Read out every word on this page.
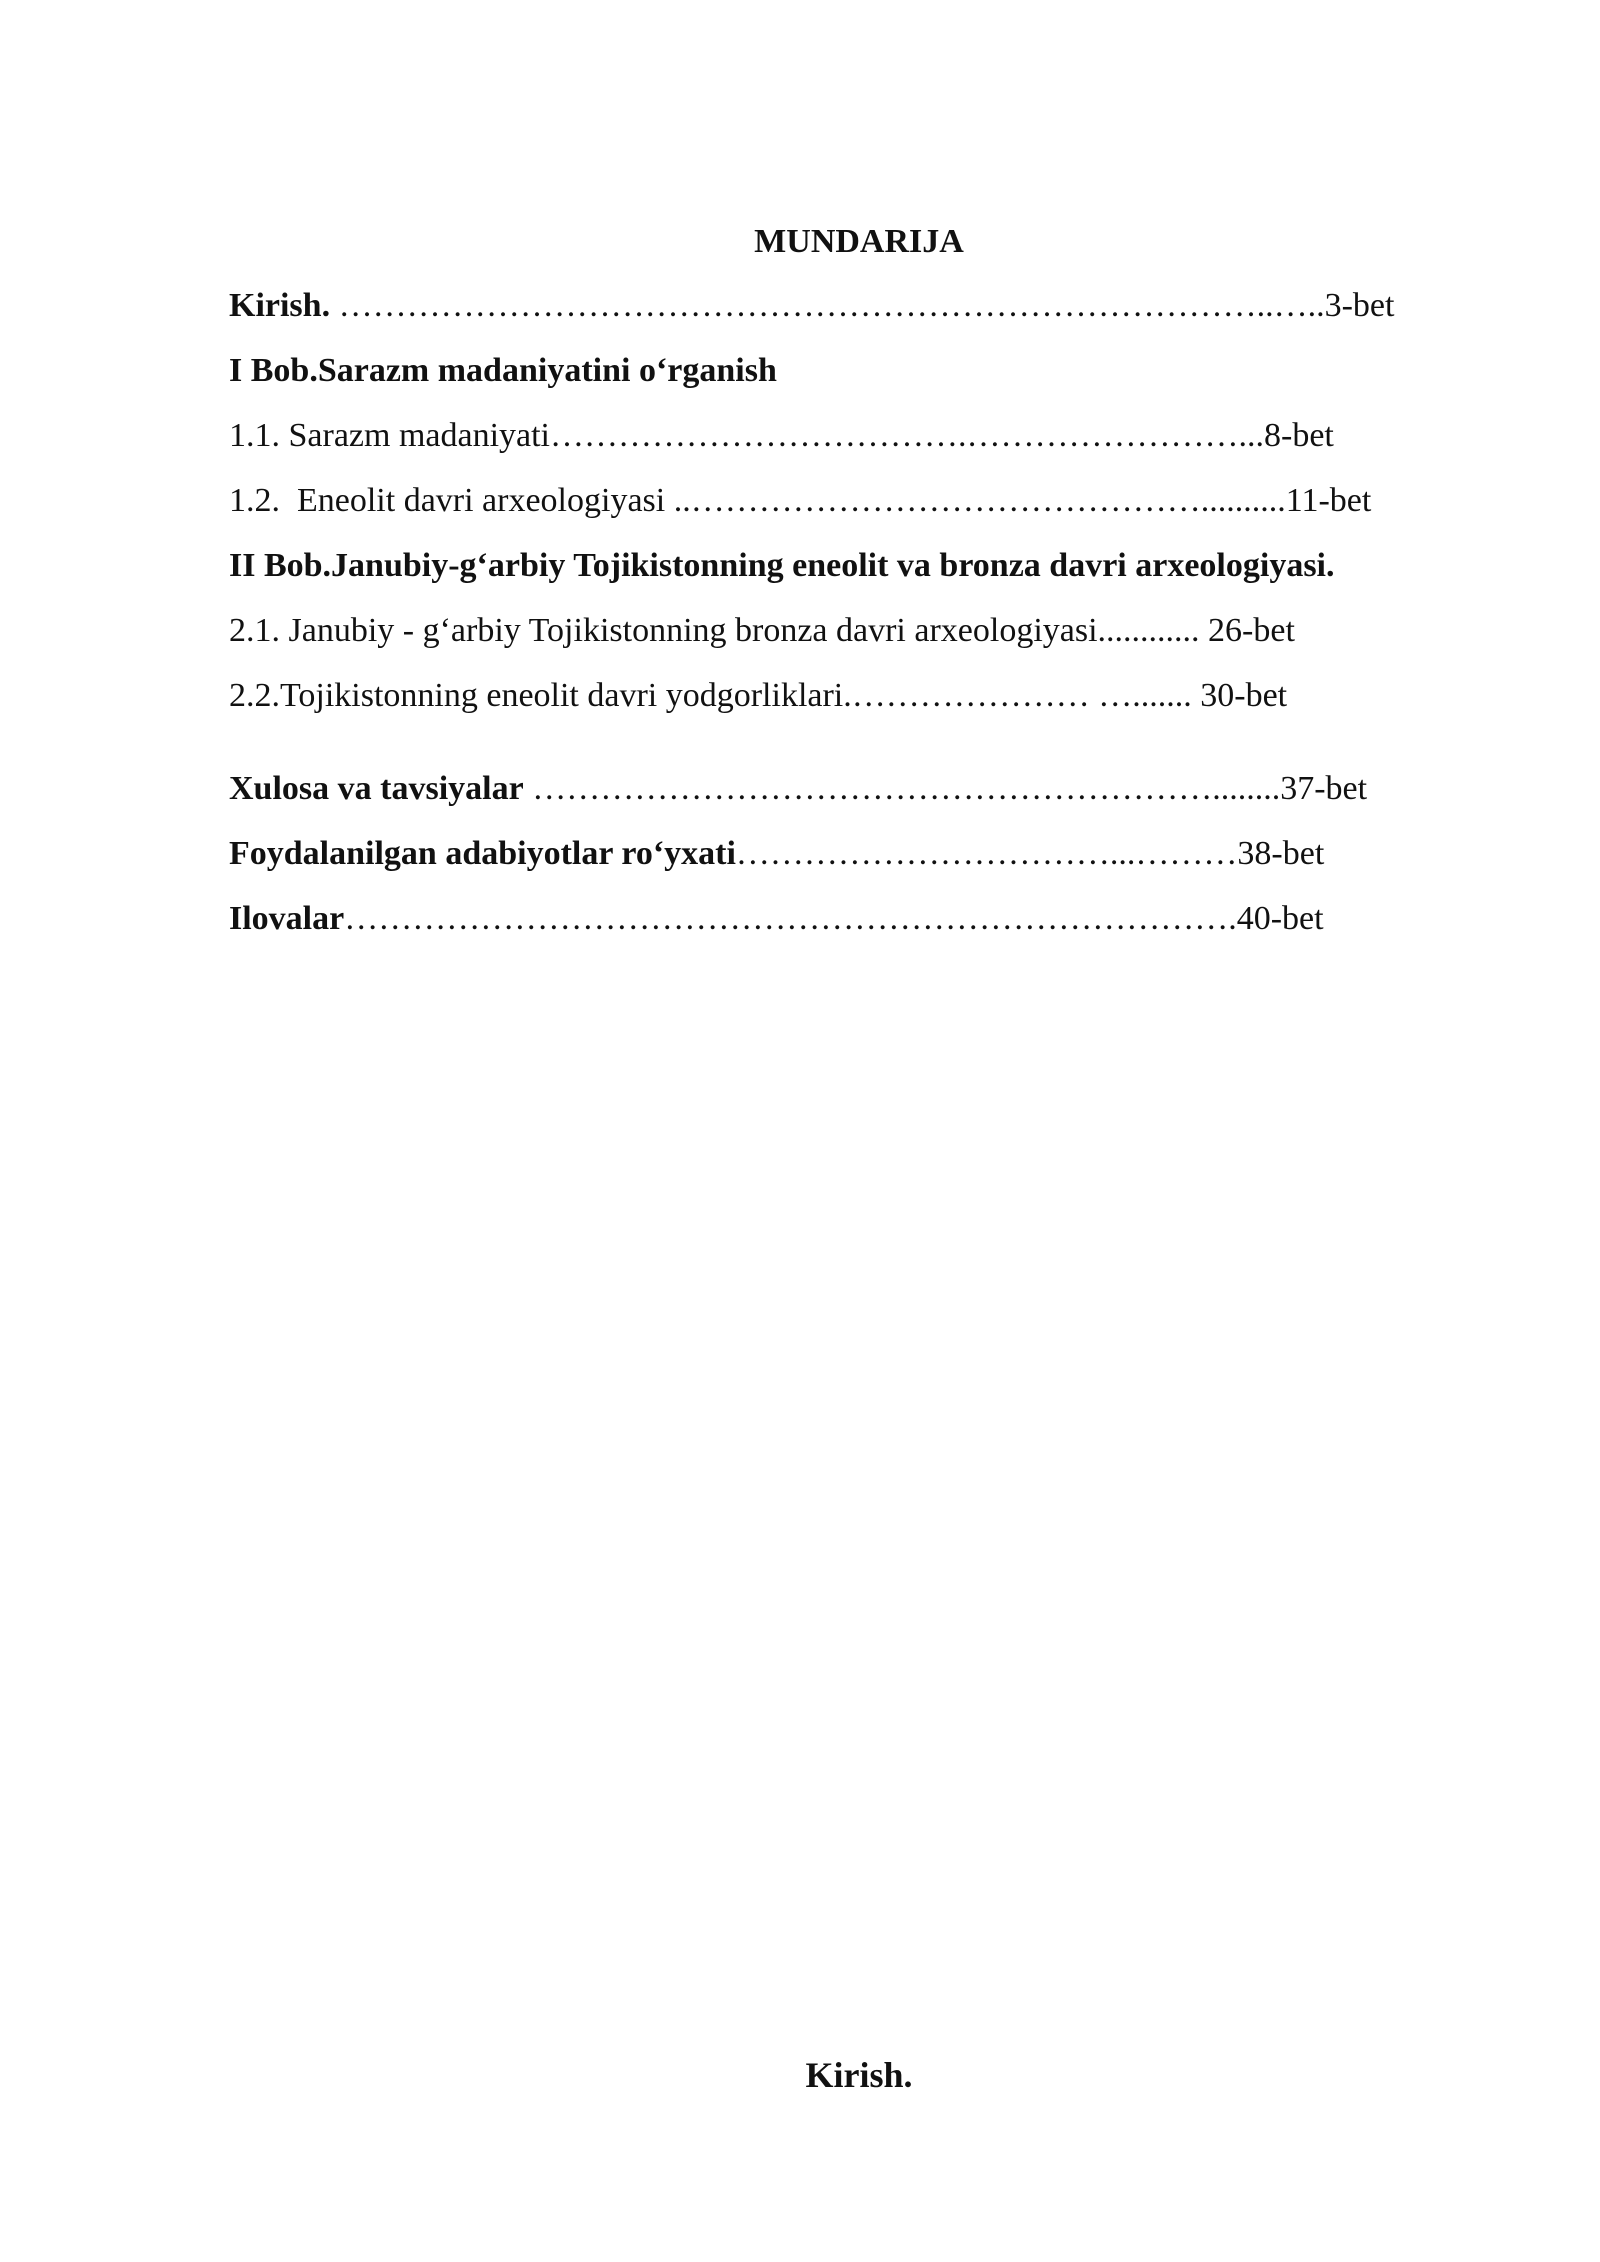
MUNDARIJA
Kirish. ………………………………………………………………………..…..3-bet
I Bob.Sarazm madaniyatini o‘rganish
1.1. Sarazm madaniyati……………………………….……………………...8-bet
1.2.  Eneolit davri arxeologiyasi ..………………………………………..........11-bet
II Bob.Janubiy-g‘arbiy Tojikistonning eneolit va bronza davri arxeologiyasi.
2.1. Janubiy - g‘arbiy Tojikistonning bronza davri arxeologiyasi............ 26-bet
2.2.Tojikistonning eneolit davri yodgorliklari.………………… …....... 30-bet
Xulosa va tavsiyalar ……………………………………………………........37-bet
Foydalanilgan adabiyotlar ro‘yxati……………………………...………38-bet
Ilovalar…………………………………………………………………….40-bet
Kirish.
